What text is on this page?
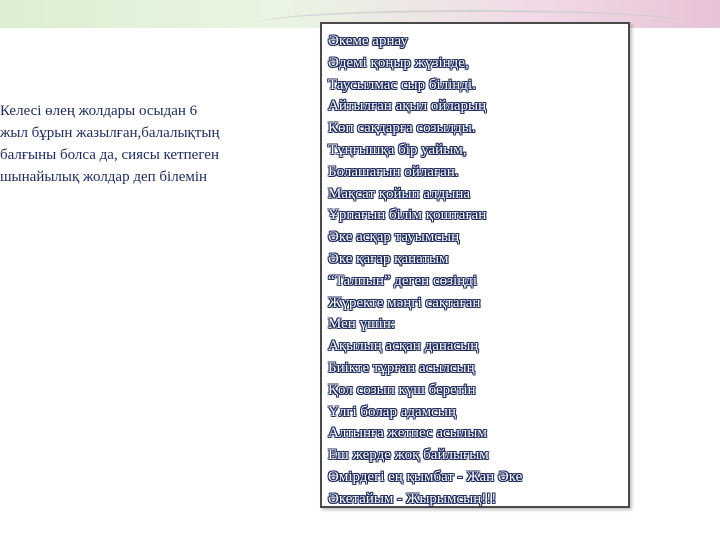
Келесі өлең жолдары осыдан 6
жыл бұрын жазылған,балалықтың
балғыны болса да, сиясы кетпеген
шынайылық жолдар деп білемін
Әкеме арнау
Әдемі қоңыр жүзінде,
Таусылмас сыр білінді.
Айтылған ақыл ойларың
Көп сақдарға созылды.
Тұңғышқа бір уайым,
Болашағын ойлаған.
Мақсат қойып алдына
Ұрпағын білім қоштаған
Әке асқар тауымсың
Әке қағар қанатым
“Талпын” деген сөзіңді
Жүректе мәңгі сақтаған
Мен үшін:
Ақылың асқан данасың
Биікте тұрған асылсың
Қол созып күш беретін
Үлгі болар адамсың
Алтынға жетпес асылым
Еш жерде жоқ байлығым
Өмірдегі ең қымбат - Жан Әке
Әкетайым - Жырымсың!!!
